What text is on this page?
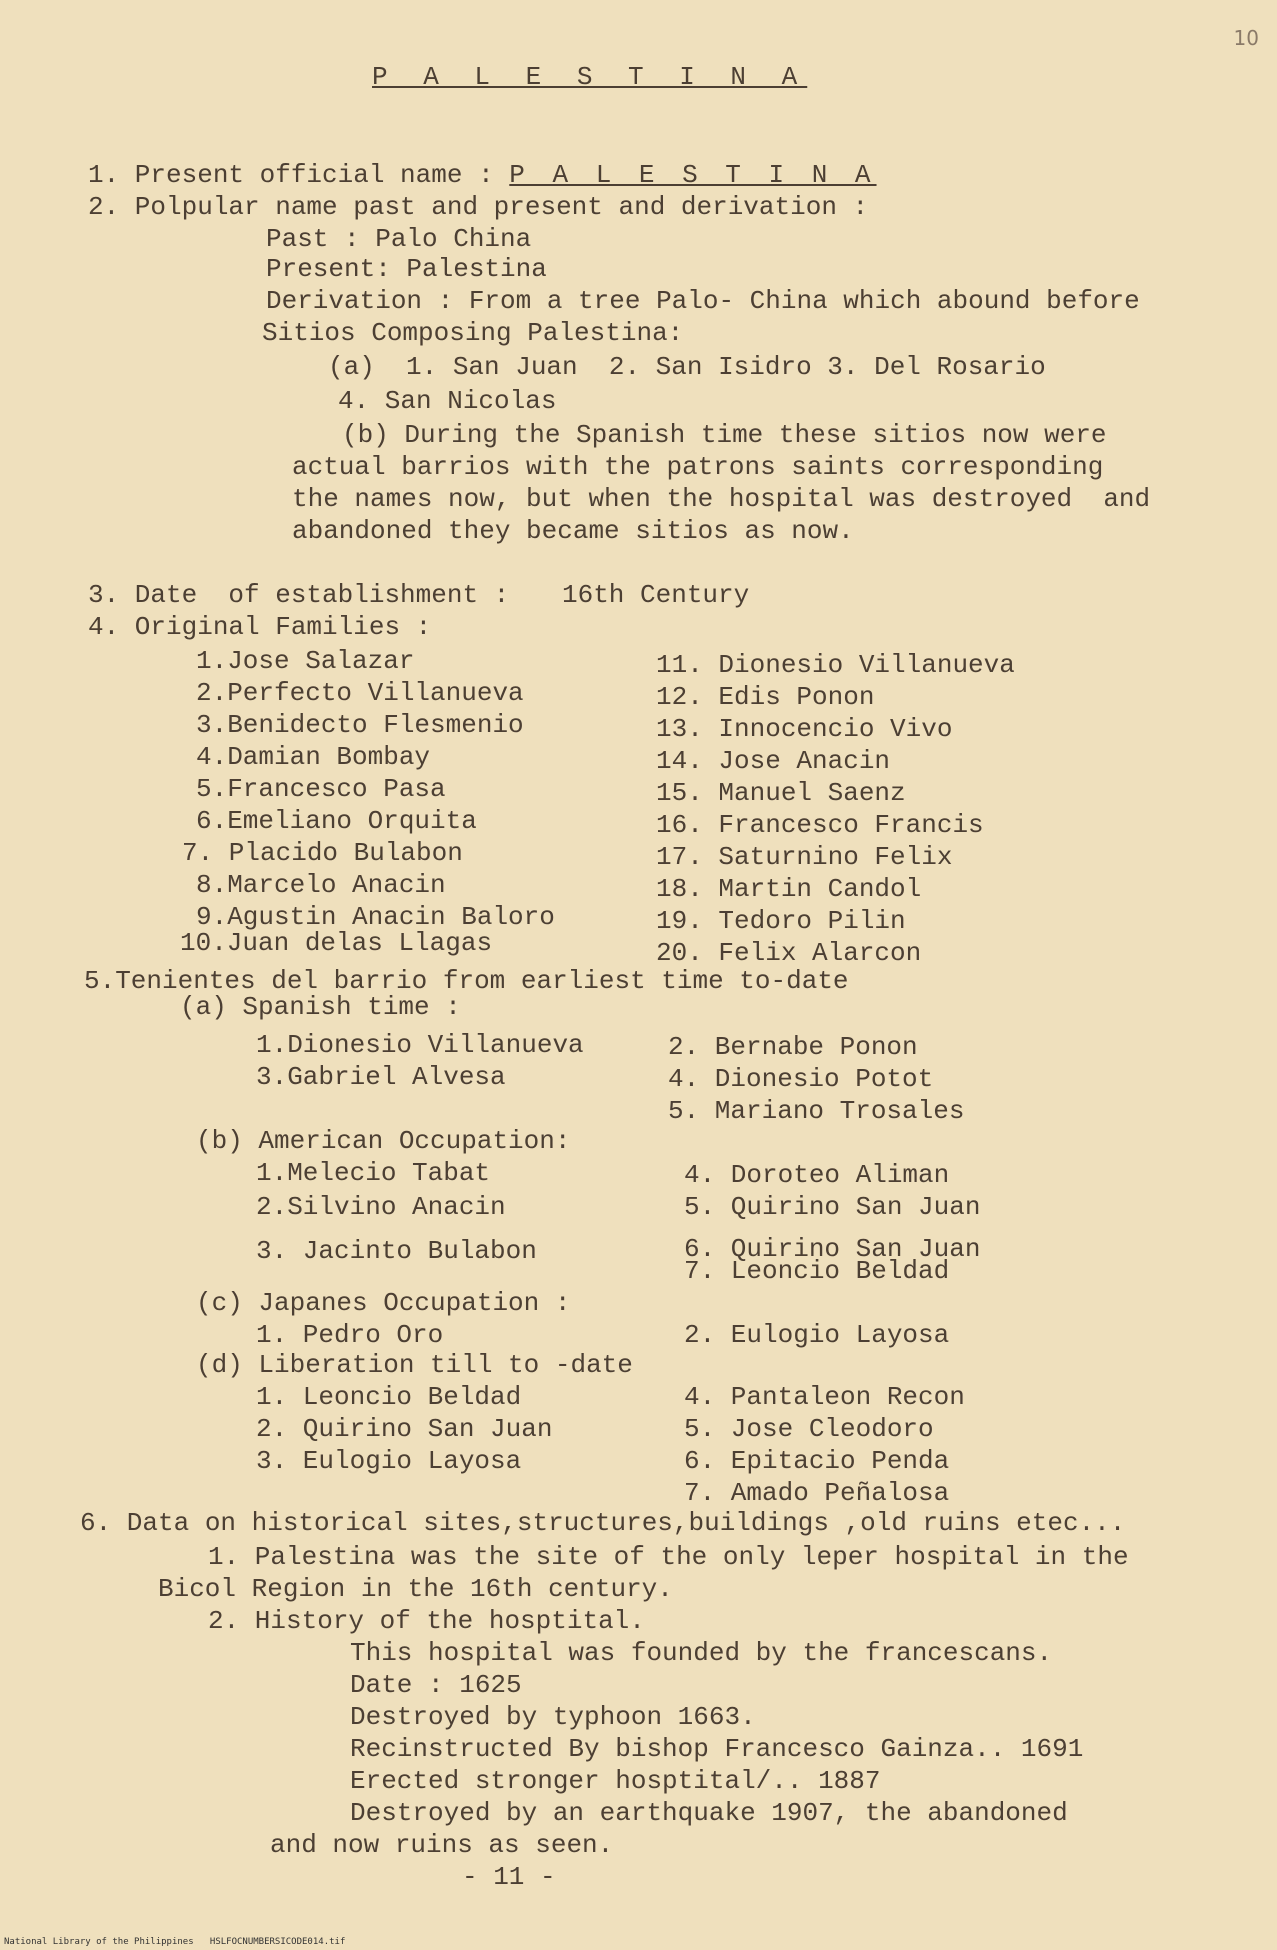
10
P A L E S T I N A
1. Present official name : P A L E S T I N A
2. Polpular name past and present and derivation :
Past : Palo China
Present: Palestina
Derivation : From a tree Palo- China which abound before
Sitios Composing Palestina:
(a)  1. San Juan  2. San Isidro 3. Del Rosario
4. San Nicolas
(b) During the Spanish time these sitios now were
actual barrios with the patrons saints corresponding
the names now, but when the hospital was destroyed  and
abandoned they became sitios as now.
3. Date  of establishment : 16th Century
4. Original Families :
1.Jose Salazar
2.Perfecto Villanueva
3.Benidecto Flesmenio
4.Damian Bombay
5.Francesco Pasa
6.Emeliano Orquita
7. Placido Bulabon
8.Marcelo Anacin
9.Agustin Anacin Baloro
10.Juan delas Llagas
11. Dionesio Villanueva
12. Edis Ponon
13. Innocencio Vivo
14. Jose Anacin
15. Manuel Saenz
16. Francesco Francis
17. Saturnino Felix
18. Martin Candol
19. Tedoro Pilin
20. Felix Alarcon
5.Tenientes del barrio from earliest time to-date
(a) Spanish time :
1.Dionesio Villanueva	2. Bernabe Ponon
3.Gabriel Alvesa	4. Dionesio Potot
5. Mariano Trosales
(b) American Occupation:
1.Melecio Tabat	4. Doroteo Aliman
2.Silvino Anacin	5. Quirino San Juan
3. Jacinto Bulabon	6. Quirino San Juan
7. Leoncio Beldad
(c) Japanes Occupation :
1. Pedro Oro	2. Eulogio Layosa
(d) Liberation till to -date
1. Leoncio Beldad	4. Pantaleon Recon
2. Quirino San Juan	5. Jose Cleodoro
3. Eulogio Layosa	6. Epitacio Penda
7. Amado Peñalosa
6. Data on historical sites,structures,buildings ,old ruins etec...
1. Palestina was the site of the only leper hospital in the
Bicol Region in the 16th century.
2. History of the hosptital.
This hospital was founded by the francescans.
Date : 1625
Destroyed by typhoon 1663.
Recinstructed By bishop Francesco Gainza.. 1691
Erected stronger hosptital/.. 1887
Destroyed by an earthquake 1907, the abandoned
and now ruins as seen.
- 11 -
National Library of the Philippines   HSLFOCNUMBERSICODE014.tif
